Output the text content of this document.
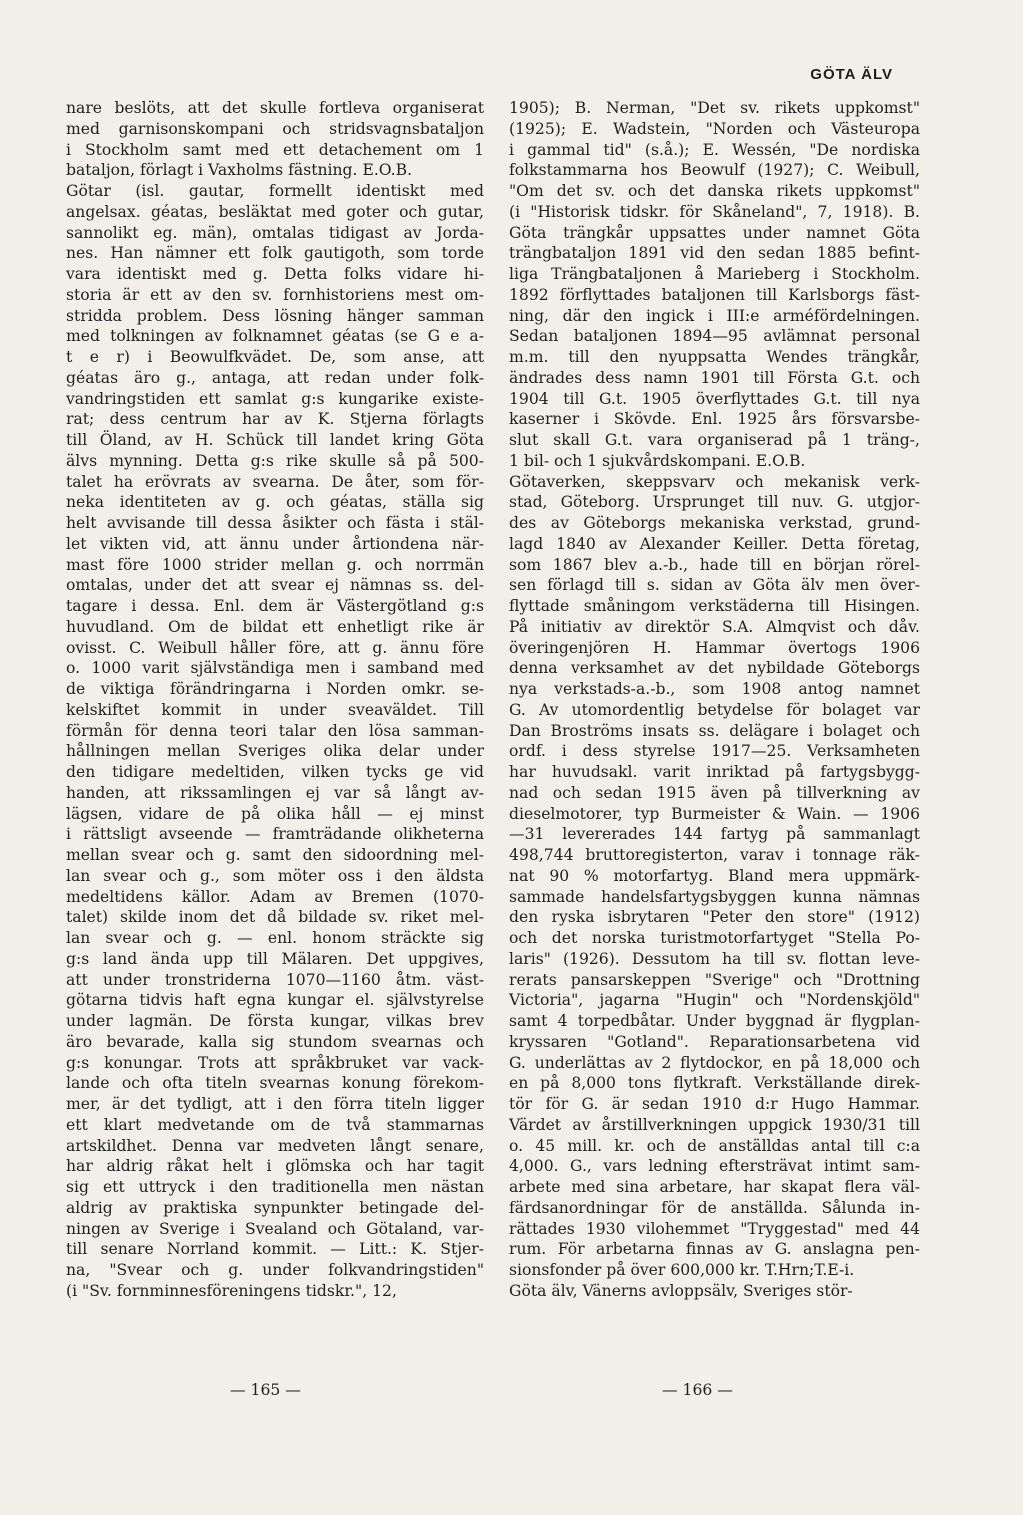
GÖTA ÄLV
nare beslöts, att det skulle fortleva organiserat
med garnisonskompani och stridsvagnsbataljon
i Stockholm samt med ett detachement om 1
bataljon, förlagt i Vaxholms fästning. E.O.B.
Götar (isl. gautar, formellt identiskt med
angelsax. géatas, besläktat med goter och gutar,
sannolikt eg. män), omtalas tidigast av Jorda-
nes. Han nämner ett folk gautigoth, som torde
vara identiskt med g. Detta folks vidare hi-
storia är ett av den sv. fornhistoriens mest om-
stridda problem. Dess lösning hänger samman
med tolkningen av folknamnet géatas (se G e a-
t e r) i Beowulfkvädet. De, som anse, att
géatas äro g., antaga, att redan under folk-
vandringstiden ett samlat g:s kungarike existe-
rat; dess centrum har av K. Stjerna förlagts
till Öland, av H. Schück till landet kring Göta
älvs mynning. Detta g:s rike skulle så på 500-
talet ha erövrats av svearna. De åter, som för-
neka identiteten av g. och géatas, ställa sig
helt avvisande till dessa åsikter och fästa i stäl-
let vikten vid, att ännu under årtiondena när-
mast före 1000 strider mellan g. och norrmän
omtalas, under det att svear ej nämnas ss. del-
tagare i dessa. Enl. dem är Västergötland g:s
huvudland. Om de bildat ett enhetligt rike är
ovisst. C. Weibull håller före, att g. ännu före
o. 1000 varit självständiga men i samband med
de viktiga förändringarna i Norden omkr. se-
kelskiftet kommit in under sveaväldet. Till
förmån för denna teori talar den lösa samman-
hållningen mellan Sveriges olika delar under
den tidigare medeltiden, vilken tycks ge vid
handen, att rikssamlingen ej var så långt av-
lägsen, vidare de på olika håll — ej minst
i rättsligt avseende — framträdande olikheterna
mellan svear och g. samt den sidoordning mel-
lan svear och g., som möter oss i den äldsta
medeltidens källor. Adam av Bremen (1070-
talet) skilde inom det då bildade sv. riket mel-
lan svear och g. — enl. honom sträckte sig
g:s land ända upp till Mälaren. Det uppgives,
att under tronstriderna 1070—1160 åtm. väst-
götarna tidvis haft egna kungar el. självstyrelse
under lagmän. De första kungar, vilkas brev
äro bevarade, kalla sig stundom svearnas och
g:s konungar. Trots att språkbruket var vack-
lande och ofta titeln svearnas konung förekom-
mer, är det tydligt, att i den förra titeln ligger
ett klart medvetande om de två stammarnas
artskildhet. Denna var medveten långt senare,
har aldrig råkat helt i glömska och har tagit
sig ett uttryck i den traditionella men nästan
aldrig av praktiska synpunkter betingade del-
ningen av Sverige i Svealand och Götaland, var-
till senare Norrland kommit. — Litt.: K. Stjer-
na, "Svear och g. under folkvandringstiden"
(i "Sv. fornminnesföreningens tidskr.", 12,
1905); B. Nerman, "Det sv. rikets uppkomst"
(1925); E. Wadstein, "Norden och Västeuropa
i gammal tid" (s.å.); E. Wessén, "De nordiska
folkstammarna hos Beowulf (1927); C. Weibull,
"Om det sv. och det danska rikets uppkomst"
(i "Historisk tidskr. för Skåneland", 7, 1918). B.
Göta trängkår uppsattes under namnet Göta
trängbataljon 1891 vid den sedan 1885 befint-
liga Trängbataljonen å Marieberg i Stockholm.
1892 förflyttades bataljonen till Karlsborgs fäst-
ning, där den ingick i III:e arméfördelningen.
Sedan bataljonen 1894—95 avlämnat personal
m.m. till den nyuppsatta Wendes trängkår,
ändrades dess namn 1901 till Första G.t. och
1904 till G.t. 1905 överflyttades G.t. till nya
kaserner i Skövde. Enl. 1925 års försvarsbe-
slut skall G.t. vara organiserad på 1 träng-,
1 bil- och 1 sjukvårdskompani. E.O.B.
Götaverken, skeppsvarv och mekanisk verk-
stad, Göteborg. Ursprunget till nuv. G. utgjor-
des av Göteborgs mekaniska verkstad, grund-
lagd 1840 av Alexander Keiller. Detta företag,
som 1867 blev a.-b., hade till en början rörel-
sen förlagd till s. sidan av Göta älv men över-
flyttade småningom verkstäderna till Hisingen.
På initiativ av direktör S.A. Almqvist och dåv.
överingenjören H. Hammar övertogs 1906
denna verksamhet av det nybildade Göteborgs
nya verkstads-a.-b., som 1908 antog namnet
G. Av utomordentlig betydelse för bolaget var
Dan Broströms insats ss. delägare i bolaget och
ordf. i dess styrelse 1917—25. Verksamheten
har huvudsakl. varit inriktad på fartygsbygg-
nad och sedan 1915 även på tillverkning av
dieselmotorer, typ Burmeister & Wain. — 1906
—31 levererades 144 fartyg på sammanlagt
498,744 bruttoregisterton, varav i tonnage räk-
nat 90 % motorfartyg. Bland mera uppmärk-
sammade handelsfartygsbyggen kunna nämnas
den ryska isbrytaren "Peter den store" (1912)
och det norska turistmotorfartyget "Stella Po-
laris" (1926). Dessutom ha till sv. flottan leve-
rerats pansarskeppen "Sverige" och "Drottning
Victoria", jagarna "Hugin" och "Nordenskjöld"
samt 4 torpedbåtar. Under byggnad är flygplan-
kryssaren "Gotland". Reparationsarbetena vid
G. underlättas av 2 flytdockor, en på 18,000 och
en på 8,000 tons flytkraft. Verkställande direk-
tör för G. är sedan 1910 d:r Hugo Hammar.
Värdet av årstillverkningen uppgick 1930/31 till
o. 45 mill. kr. och de anställdas antal till c:a
4,000. G., vars ledning eftersträvat intimt sam-
arbete med sina arbetare, har skapat flera väl-
färdsanordningar för de anställda. Sålunda in-
rättades 1930 vilohemmet "Tryggestad" med 44
rum. För arbetarna finnas av G. anslagna pen-
sionsfonder på över 600,000 kr. T.Hrn;T.E-i.
Göta älv, Vänerns avloppsälv, Sveriges stör-
— 165 —	— 166 —
